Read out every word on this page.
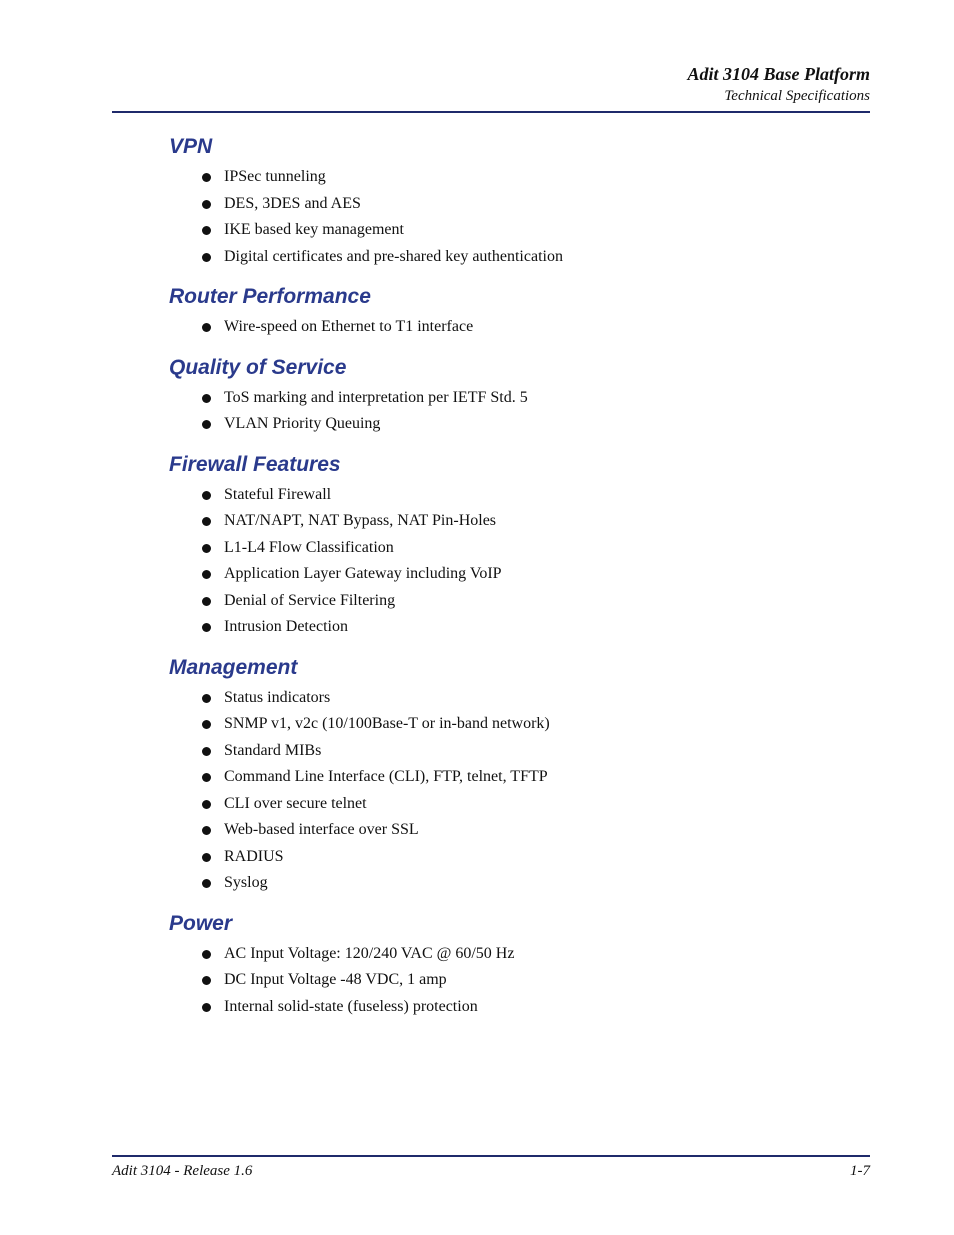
Adit 3104 Base Platform
Technical Specifications
VPN
IPSec tunneling
DES, 3DES and AES
IKE based key management
Digital certificates and pre-shared key authentication
Router Performance
Wire-speed on Ethernet to T1 interface
Quality of Service
ToS marking and interpretation per IETF Std. 5
VLAN Priority Queuing
Firewall Features
Stateful Firewall
NAT/NAPT, NAT Bypass, NAT Pin-Holes
L1-L4 Flow Classification
Application Layer Gateway including VoIP
Denial of Service Filtering
Intrusion Detection
Management
Status indicators
SNMP v1, v2c (10/100Base-T or in-band network)
Standard MIBs
Command Line Interface (CLI), FTP, telnet, TFTP
CLI over secure telnet
Web-based interface over SSL
RADIUS
Syslog
Power
AC Input Voltage: 120/240 VAC @ 60/50 Hz
DC Input Voltage -48 VDC, 1 amp
Internal solid-state (fuseless) protection
Adit 3104 - Release 1.6	1-7
